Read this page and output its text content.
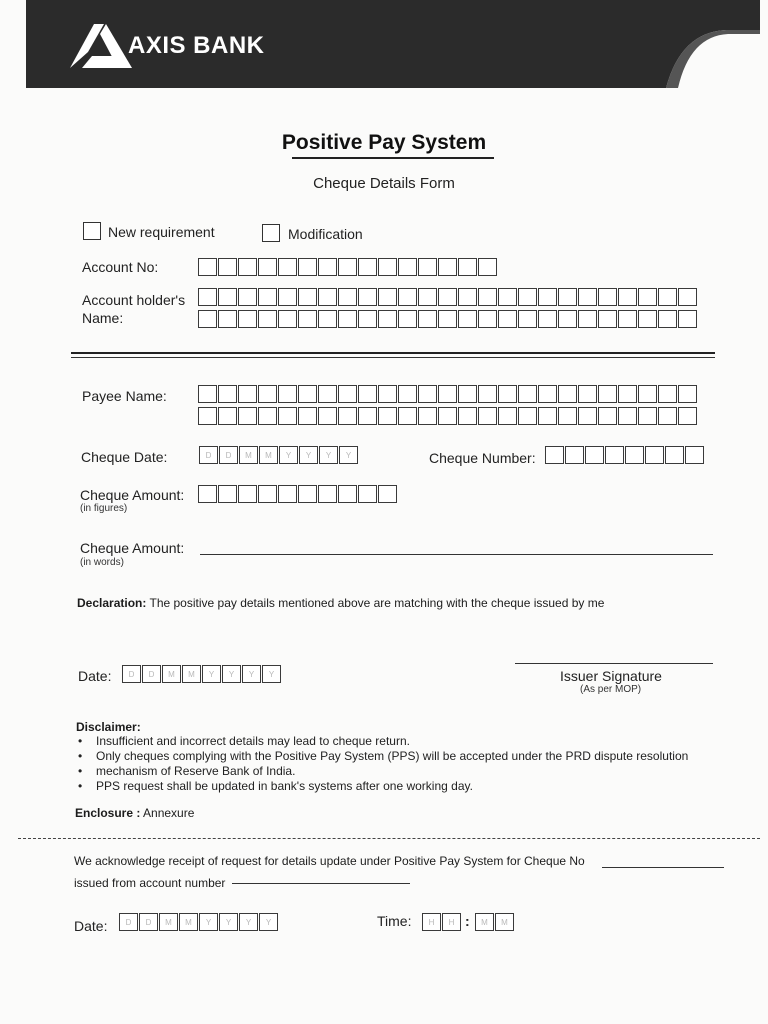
AXIS BANK
Positive Pay System
Cheque Details Form
New requirement	Modification
Account No:
Account holder's
Name:
Payee Name:
Cheque Date:	D	D	M	M	Y	Y	Y	Y	Cheque Number:
Cheque Amount:
(in figures)
Cheque Amount:
(in words)
Declaration: The positive pay details mentioned above are matching with the cheque issued by me
Date:	D	D	M	M	Y	Y	Y	Y	Issuer Signature
(As per MOP)
Disclaimer:
• Insufficient and incorrect details may lead to cheque return.
• Only cheques complying with the Positive Pay System (PPS) will be accepted under the PRD dispute resolution
• mechanism of Reserve Bank of India.
• PPS request shall be updated in bank's systems after one working day.
Enclosure : Annexure
We acknowledge receipt of request for details update under Positive Pay System for Cheque No
issued from account number
Date:	D	D	M	M	Y	Y	Y	Y	Time:	H	H :	M	M
